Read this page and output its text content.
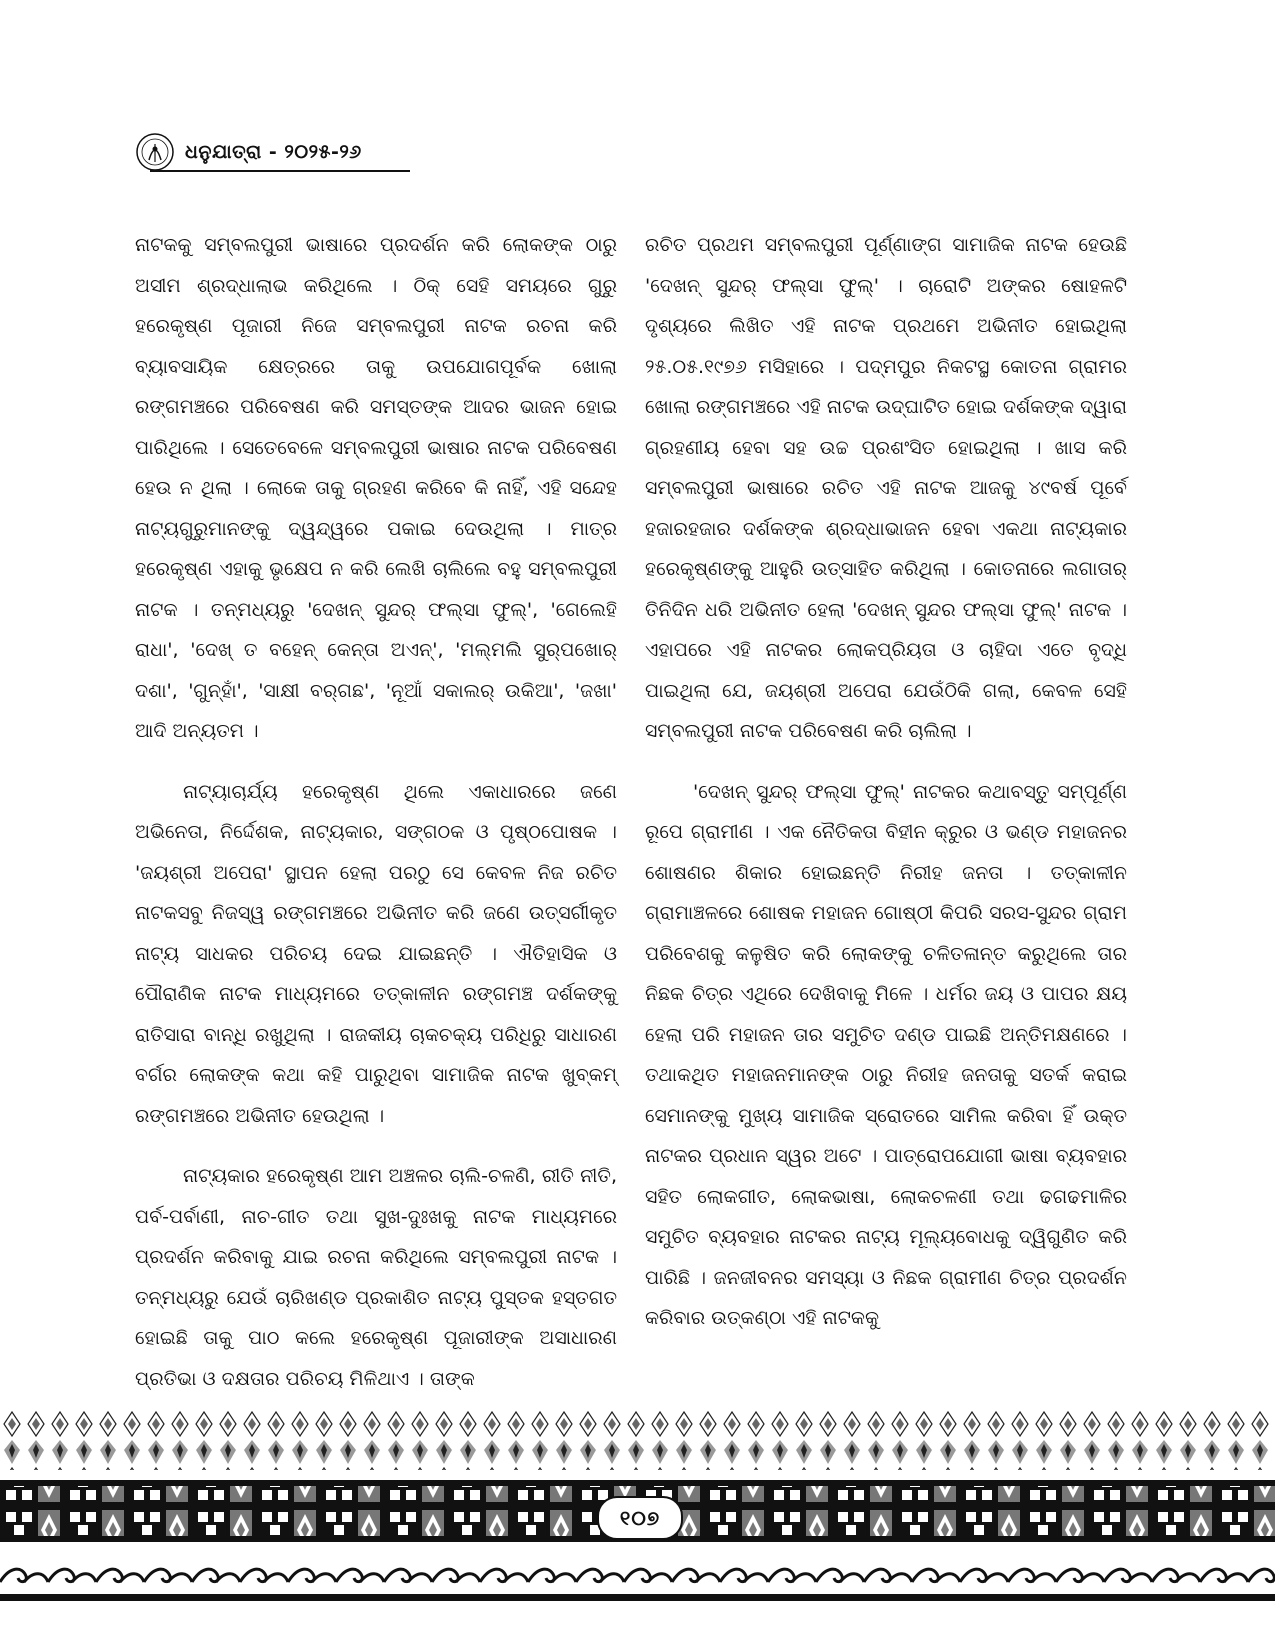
ଧନୁଯାତ୍ରା - ୨୦୨୫-୨୬

ନାଟକକୁ ସମ୍ବଲପୁରୀ ଭାଷାରେ ପ୍ରଦର୍ଶନ କରି ଲୋକଙ୍କ ଠାରୁ ଅସୀମ ଶ୍ରଦ୍ଧାଲାଭ କରିଥିଲେ । ଠିକ୍ ସେହି ସମୟରେ ଗୁରୁ ହରେକୃଷ୍ଣ ପୂଜାରୀ ନିଜେ ସମ୍ବଲପୁରୀ ନାଟକ ରଚନା କରି ବ୍ୟାବସାୟିକ କ୍ଷେତ୍ରରେ ତାକୁ ଉପଯୋଗପୂର୍ବକ ଖୋଲା ରଙ୍ଗମଞ୍ଚରେ ପରିବେଷଣ କରି ସମସ୍ତଙ୍କ ଆଦର ଭାଜନ ହୋଇ ପାରିଥିଲେ । ସେତେବେଳେ ସମ୍ବଲପୁରୀ ଭାଷାର ନାଟକ ପରିବେଷଣ ହେଉ ନ ଥିଲା । ଲୋକେ ତାକୁ ଗ୍ରହଣ କରିବେ କି ନାହିଁ, ଏହି ସନ୍ଦେହ ନାଟ୍ୟଗୁରୁମାନଙ୍କୁ ଦ୍ୱନ୍ଦ୍ୱରେ ପକାଇ ଦେଉଥିଲା । ମାତ୍ର ହରେକୃଷ୍ଣ ଏହାକୁ ଭୃକ୍ଷେପ ନ କରି ଲେଖି ଚାଲିଲେ ବହୁ ସମ୍ବଲପୁରୀ ନାଟକ । ତନ୍ମଧ୍ୟରୁ 'ଦେଖନ୍ ସୁନ୍ଦର୍ ଫଲ୍‌ସା ଫୁଲ୍', 'ଗେଲେହି ରାଧା', 'ଦେଖ୍ ତ ବହେନ୍ କେନ୍ତା ଅଏନ୍', 'ମଲ୍‌ମଲି ସୁର୍‌ପଖୋର୍ ଦଶା', 'ଗୁନ୍‌ହାଁ', 'ସାକ୍ଷୀ ବର୍‌ଗଛ', 'ନୂଆଁ ସକାଲର୍ ଉକିଆ', 'ଜଖା' ଆଦି ଅନ୍ୟତମ ।

ନାଟ୍ୟାଚାର୍ଯ୍ୟ ହରେକୃଷ୍ଣ ଥିଲେ ଏକାଧାରରେ ଜଣେ ଅଭିନେତା, ନିର୍ଦ୍ଦେଶକ, ନାଟ୍ୟକାର, ସଙ୍ଗଠକ ଓ ପୃଷ୍ଠପୋଷକ । 'ଜୟଶ୍ରୀ ଅପେରା' ସ୍ଥାପନ ହେଲା ପରଠୁ ସେ କେବଳ ନିଜ ରଚିତ ନାଟକସବୁ ନିଜସ୍ୱ ରଙ୍ଗମଞ୍ଚରେ ଅଭିନୀତ କରି ଜଣେ ଉତ୍ସର୍ଗୀକୃତ ନାଟ୍ୟ ସାଧକର ପରିଚୟ ଦେଇ ଯାଇଛନ୍ତି । ଐତିହାସିକ ଓ ପୌରାଣିକ ନାଟକ ମାଧ୍ୟମରେ ତତ୍‌କାଳୀନ ରଙ୍ଗମଞ୍ଚ ଦର୍ଶକଙ୍କୁ ରାତିସାରା ବାନ୍ଧି ରଖୁଥିଲା । ରାଜକୀୟ ଚାକଚକ୍ୟ ପରିଧିରୁ ସାଧାରଣ ବର୍ଗର ଲୋକଙ୍କ କଥା କହି ପାରୁଥିବା ସାମାଜିକ ନାଟକ ଖୁବ୍‌କମ୍ ରଙ୍ଗମଞ୍ଚରେ ଅଭିନୀତ ହେଉଥିଲା ।

ନାଟ୍ୟକାର ହରେକୃଷ୍ଣ ଆମ ଅଞ୍ଚଳର ଚାଲି-ଚଳଣି, ରୀତି ନୀତି, ପର୍ବ-ପର୍ବାଣୀ, ନାଚ-ଗୀତ ତଥା ସୁଖ-ଦୁଃଖକୁ ନାଟକ ମାଧ୍ୟମରେ ପ୍ରଦର୍ଶନ କରିବାକୁ ଯାଇ ରଚନା କରିଥିଲେ ସମ୍ବଲପୁରୀ ନାଟକ । ତନ୍ମଧ୍ୟରୁ ଯେଉଁ ଚାରିଖଣ୍ଡ ପ୍ରକାଶିତ ନାଟ୍ୟ ପୁସ୍ତକ ହସ୍ତଗତ ହୋଇଛି ତାକୁ ପାଠ କଲେ ହରେକୃଷ୍ଣ ପୂଜାରୀଙ୍କ ଅସାଧାରଣ ପ୍ରତିଭା ଓ ଦକ୍ଷତାର ପରିଚୟ ମିଳିଥାଏ । ତାଙ୍କ

ରଚିତ ପ୍ରଥମ ସମ୍ବଲପୁରୀ ପୂର୍ଣ୍ଣାଙ୍ଗ ସାମାଜିକ ନାଟକ ହେଉଛି 'ଦେଖନ୍ ସୁନ୍ଦର୍ ଫଲ୍‌ସା ଫୁଲ୍' । ଚାରୋଟି ଅଙ୍କର ଷୋହଳଟି ଦୃଶ୍ୟରେ ଲିଖିତ ଏହି ନାଟକ ପ୍ରଥମେ ଅଭିନୀତ ହୋଇଥିଲା ୨୫.୦୫.୧୯୭୬ ମସିହାରେ । ପଦ୍ମପୁର ନିକଟସ୍ଥ କୋତନା ଗ୍ରାମର ଖୋଲା ରଙ୍ଗମଞ୍ଚରେ ଏହି ନାଟକ ଉଦ୍‌ଘାଟିତ ହୋଇ ଦର୍ଶକଙ୍କ ଦ୍ୱାରା ଗ୍ରହଣୀୟ ହେବା ସହ ଉଚ୍ଚ ପ୍ରଶଂସିତ ହୋଇଥିଲା । ଖାସ କରି ସମ୍ବଲପୁରୀ ଭାଷାରେ ରଚିତ ଏହି ନାଟକ ଆଜକୁ ୪୯ବର୍ଷ ପୂର୍ବେ ହଜାରହଜାର ଦର୍ଶକଙ୍କ ଶ୍ରଦ୍ଧାଭାଜନ ହେବା ଏକଥା ନାଟ୍ୟକାର ହରେକୃଷ୍ଣଙ୍କୁ ଆହୁରି ଉତ୍ସାହିତ କରିଥିଲା । କୋତନାରେ ଲଗାତାର୍ ତିନିଦିନ ଧରି ଅଭିନୀତ ହେଲା 'ଦେଖନ୍ ସୁନ୍ଦର ଫଲ୍‌ସା ଫୁଲ୍' ନାଟକ । ଏହାପରେ ଏହି ନାଟକର ଲୋକପ୍ରିୟତା ଓ ଚାହିଦା ଏତେ ବୃଦ୍ଧି ପାଇଥିଲା ଯେ, ଜୟଶ୍ରୀ ଅପେରା ଯେଉଁଠିକି ଗଲା, କେବଳ ସେହି ସମ୍ବଲପୁରୀ ନାଟକ ପରିବେଷଣ କରି ଚାଲିଲା ।

'ଦେଖନ୍ ସୁନ୍ଦର୍ ଫଲ୍‌ସା ଫୁଲ୍' ନାଟକର କଥାବସ୍ତୁ ସମ୍ପୂର୍ଣ୍ଣ ରୂପେ ଗ୍ରାମୀଣ । ଏକ ନୈତିକତା ବିହୀନ କ୍ରୁର ଓ ଭଣ୍ଡ ମହାଜନର ଶୋଷଣର ଶିକାର ହୋଇଛନ୍ତି ନିରୀହ ଜନତା । ତତ୍‌କାଳୀନ ଗ୍ରାମାଞ୍ଚଳରେ ଶୋଷକ ମହାଜନ ଗୋଷ୍ଠୀ କିପରି ସରସ-ସୁନ୍ଦର ଗ୍ରାମ ପରିବେଶକୁ କଳୁଷିତ କରି ଲୋକଙ୍କୁ ଚଳିତଳାନ୍ତ କରୁଥିଲେ ତାର ନିଛକ ଚିତ୍ର ଏଥିରେ ଦେଖିବାକୁ ମିଳେ । ଧର୍ମର ଜୟ ଓ ପାପର କ୍ଷୟ ହେଲା ପରି ମହାଜନ ତାର ସମୁଚିତ ଦଣ୍ଡ ପାଇଛି ଅନ୍ତିମକ୍ଷଣରେ । ତଥାକଥିତ ମହାଜନମାନଙ୍କ ଠାରୁ ନିରୀହ ଜନତାକୁ ସତର୍କ କରାଇ ସେମାନଙ୍କୁ ମୁଖ୍ୟ ସାମାଜିକ ସ୍ରୋତରେ ସାମିଲ କରିବା ହିଁ ଉକ୍ତ ନାଟକର ପ୍ରଧାନ ସ୍ୱର ଅଟେ । ପାତ୍ରୋପଯୋଗୀ ଭାଷା ବ୍ୟବହାର ସହିତ ଲୋକଗୀତ, ଲୋକଭାଷା, ଲୋକଚଳଣୀ ତଥା ଢଗଢମାଳିର ସମୁଚିତ ବ୍ୟବହାର ନାଟକର ନାଟ୍ୟ ମୂଲ୍ୟବୋଧକୁ ଦ୍ୱିଗୁଣିତ କରି ପାରିଛି । ଜନଜୀବନର ସମସ୍ୟା ଓ ନିଛକ ଗ୍ରାମୀଣ ଚିତ୍ର ପ୍ରଦର୍ଶନ କରିବାର ଉତ୍କଣ୍ଠା ଏହି ନାଟକକୁ

୧୦୭
